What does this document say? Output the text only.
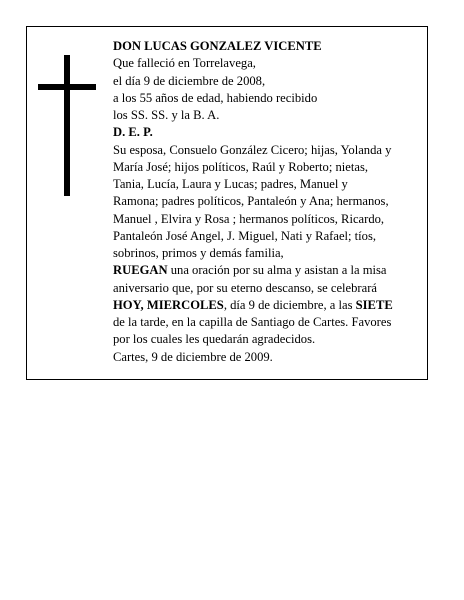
DON LUCAS GONZALEZ VICENTE
Que falleció en Torrelavega,
el día 9 de diciembre de 2008,
a los 55 años de edad, habiendo recibido
los SS. SS. y la B. A.
D. E. P.
Su esposa, Consuelo González Cicero; hijas, Yolanda y
María José; hijos políticos, Raúl y Roberto; nietas,
Tania, Lucía, Laura y Lucas; padres, Manuel y
Ramona; padres políticos, Pantaleón y Ana; hermanos,
Manuel , Elvira y Rosa ; hermanos políticos, Ricardo,
Pantaleón José Angel, J. Miguel, Nati y Rafael; tíos,
sobrinos, primos y demás familia,
RUEGAN una oración por su alma y asistan a la misa
aniversario que, por su eterno descanso, se celebrará
HOY, MIERCOLES, día 9 de diciembre, a las SIETE
de la tarde, en la capilla de Santiago de Cartes. Favores
por los cuales les quedarán agradecidos.
Cartes, 9 de diciembre de 2009.
